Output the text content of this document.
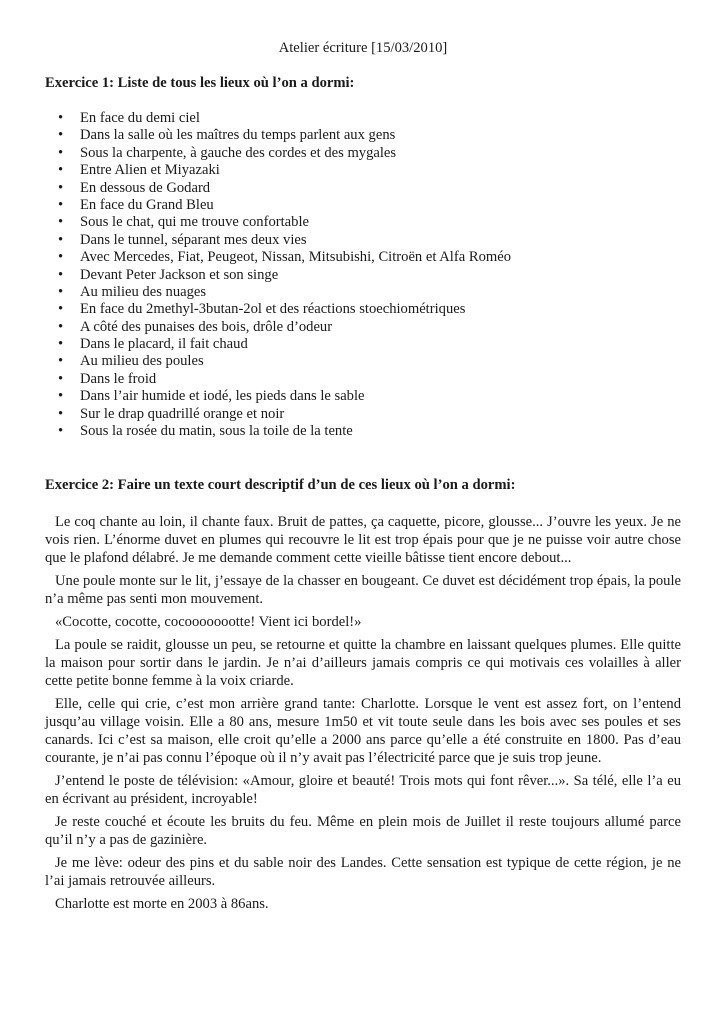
Atelier écriture [15/03/2010]
Exercice 1: Liste de tous les lieux où l’on a dormi:
• En face du demi ciel
• Dans la salle où les maîtres du temps parlent aux gens
• Sous la charpente, à gauche des cordes et des mygales
• Entre Alien et Miyazaki
• En dessous de Godard
• En face du Grand Bleu
• Sous le chat, qui me trouve confortable
• Dans le tunnel, séparant mes deux vies
• Avec Mercedes, Fiat, Peugeot, Nissan, Mitsubishi, Citroën et Alfa Roméo
• Devant Peter Jackson et son singe
• Au milieu des nuages
• En face du 2methyl-3butan-2ol et des réactions stoechiométriques
• A côté des punaises des bois, drôle d’odeur
• Dans le placard, il fait chaud
• Au milieu des poules
• Dans le froid
• Dans l’air humide et iodé, les pieds dans le sable
• Sur le drap quadrillé orange et noir
• Sous la rosée du matin, sous la toile de la tente
Exercice 2: Faire un texte court descriptif d’un de ces lieux où l’on a dormi:

Le coq chante au loin, il chante faux. Bruit de pattes, ça caquette, picore, glousse... J’ouvre les yeux. Je ne vois rien. L’énorme duvet en plumes qui recouvre le lit est trop épais pour que je ne puisse voir autre chose que le plafond délabré. Je me demande comment cette vieille bâtisse tient encore debout...

Une poule monte sur le lit, j’essaye de la chasser en bougeant. Ce duvet est décidément trop épais, la poule n’a même pas senti mon mouvement.

«Cocotte, cocotte, cocoooooootte! Vient ici bordel!»

La poule se raidit, glousse un peu, se retourne et quitte la chambre en laissant quelques plumes. Elle quitte la maison pour sortir dans le jardin. Je n’ai d’ailleurs jamais compris ce qui motivais ces volailles à aller cette petite bonne femme à la voix criarde.

Elle, celle qui crie, c’est mon arrière grand tante: Charlotte. Lorsque le vent est assez fort, on l’entend jusqu’au village voisin. Elle a 80 ans, mesure 1m50 et vit toute seule dans les bois avec ses poules et ses canards. Ici c’est sa maison, elle croit qu’elle a 2000 ans parce qu’elle a été construite en 1800. Pas d’eau courante, je n’ai pas connu l’époque où il n’y avait pas l’électricité parce que je suis trop jeune.

J’entend le poste de télévision: «Amour, gloire et beauté! Trois mots qui font rêver...». Sa télé, elle l’a eu en écrivant au président, incroyable!

Je reste couché et écoute les bruits du feu. Même en plein mois de Juillet il reste toujours allumé parce qu’il n’y a pas de gazinière.

Je me lève: odeur des pins et du sable noir des Landes. Cette sensation est typique de cette région, je ne l’ai jamais retrouvée ailleurs.

Charlotte est morte en 2003 à 86ans.
